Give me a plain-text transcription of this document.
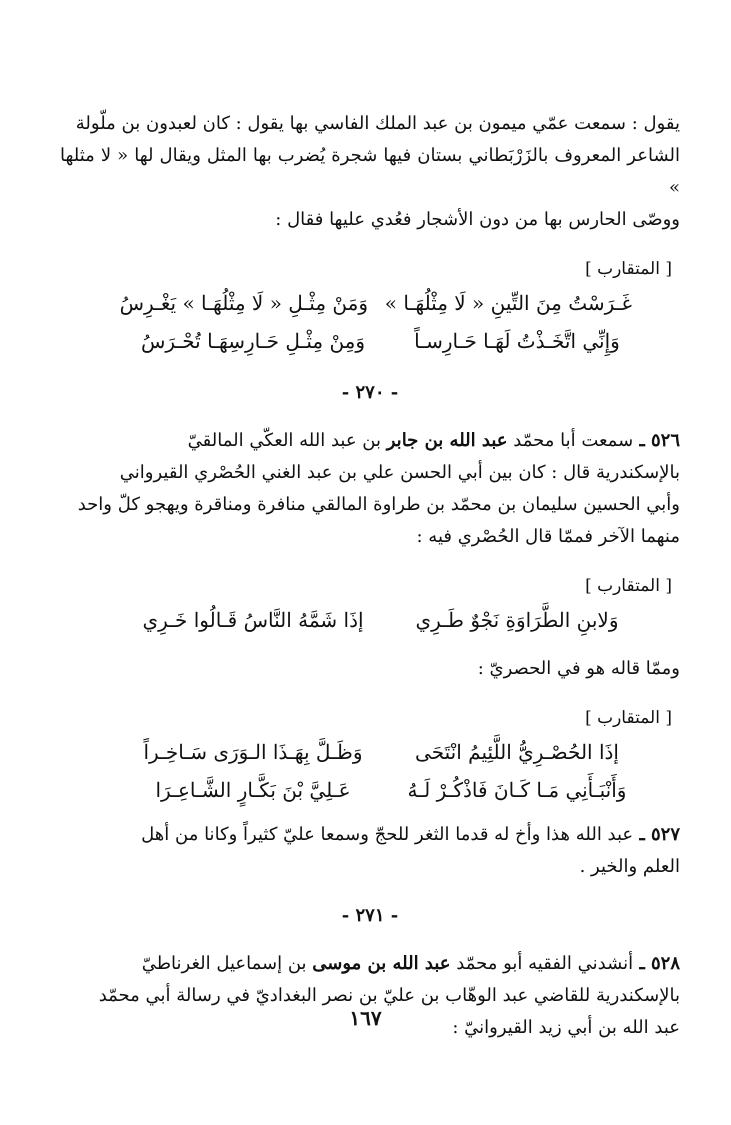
يقول : سمعت عمّي ميمون بن عبد الملك الفاسي بها يقول : كان لعبدون بن ملّولة
الشاعر المعروف بالزَرْبَطاني بستان فيها شجرة يُضرب بها المثل ويقال لها « لا مثلها »
ووصّى الحارس بها من دون الأشجار فعُدي عليها فقال :

[ المتقارب ]
غَـرَسْتُ مِنَ التِّينِ « لَا مِثْلُهَـا »
وَمَنْ مِثْـلِ « لَا مِثْلُهَـا » يَغْـرِسُ
وَإِنِّي اتَّخَـذْتُ لَهَـا حَـارِسـاً
وَمِنْ مِثْـلِ حَـارِسِهَـا تُحْـرَسُ
- ٢٧٠ -

٥٢٦ ـ سمعت أبا محمّد عبد الله بن جابر بن عبد الله العكّي المالقيّ
بالإسكندرية قال : كان بين أبي الحسن علي بن عبد الغني الحُصْري القيرواني
وأبي الحسين سليمان بن محمّد بن طراوة المالقي منافرة ومناقرة ويهجو كلّ واحد
منهما الآخر فممّا قال الحُصْري فيه :

[ المتقارب ]
وَلابنِ الطَّرَاوَةِ نَجْوٌ طَـرِي
إذَا شَمَّهُ النَّاسُ قَـالُوا خَـرِي

وممّا قاله هو في الحصريّ :

[ المتقارب ]
إذَا الحُصْـرِيُّ اللَّئِيمُ انْتَحَى
وَظَـلَّ بِهَـذَا الـوَرَى سَـاخِـراً
وَأَنْبَـأَنِي مَـا كَـانَ فَاذْكُـرْ لَـهُ
عَـلِيَّ بْنَ بَكَّـارٍ الشَّـاعِـرَا

٥٢٧ ـ عبد الله هذا وأخ له قدما الثغر للحجّ وسمعا عليّ كثيراً وكانا من أهل
العلم والخير .

- ٢٧١ -

٥٢٨ ـ أنشدني الفقيه أبو محمّد عبد الله بن موسى بن إسماعيل الغرناطيّ
بالإسكندرية للقاضي عبد الوهّاب بن عليّ بن نصر البغداديّ في رسالة أبي محمّد
عبد الله بن أبي زيد القيروانيّ :

١٦٧
